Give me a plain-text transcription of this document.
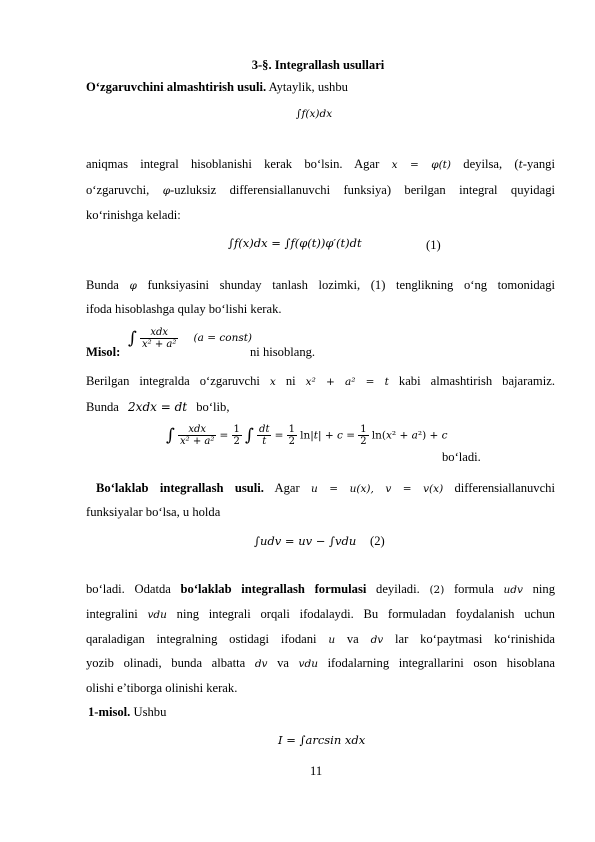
3-§. Integrallash usullari
O‘zgaruvchini almashtirish usuli. Aytaylik, ushbu
∫f(x)dx
aniqmas integral hisoblanishi kerak bo‘lsin. Agar x = φ(t) deyilsa, (t-yangi
o‘zgaruvchi, φ-uzluksiz differensiallanuvchi funksiya) berilgan integral quyidagi
ko‘rinishga keladi:
∫f(x)dx = ∫f(φ(t))φ′(t)dt	(1)
Bunda φ funksiyasini shunday tanlash lozimki, (1) tenglikning o‘ng tomonidagi
ifoda hisoblashga qulay bo‘lishi kerak.
Misol:
∫ $\frac{\text{xdx}}{\text{x² + a²}} (a$ = const)
ni hisoblang.
Berilgan integralda o‘zgaruvchi x ni x² + a² = t kabi almashtirish bajaramiz.
Bunda 2xdx = dt bo‘lib,
∫ $\frac{\text{xdx}}{\text{x² + a²}} = \frac{1}{2}$ ∫ $\frac{dt}{t} = \frac{1}{2} \ln|t| + c = \frac{1}{2} \ln(x^2 + a^2) + c$
bo‘ladi.
Bo‘laklab integrallash usuli. Agar u = u(x), v = v(x) differensiallanuvchi
funksiyalar bo‘lsa, u holda
∫udv = uv − ∫vdu (2)
bo‘ladi. Odatda bo‘laklab integrallash formulasi deyiladi. (2) formula udv ning
integralini vdu ning integrali orqali ifodalaydi. Bu formuladan foydalanish uchun
qaraladigan integralning ostidagi ifodani u va dv lar ko‘paytmasi ko‘rinishida
yozib olinadi, bunda albatta dv va vdu ifodalarning integrallarini oson hisoblana
olishi e’tiborga olinishi kerak.
1-misol. Ushbu
I = ∫arcsin xdx
11
